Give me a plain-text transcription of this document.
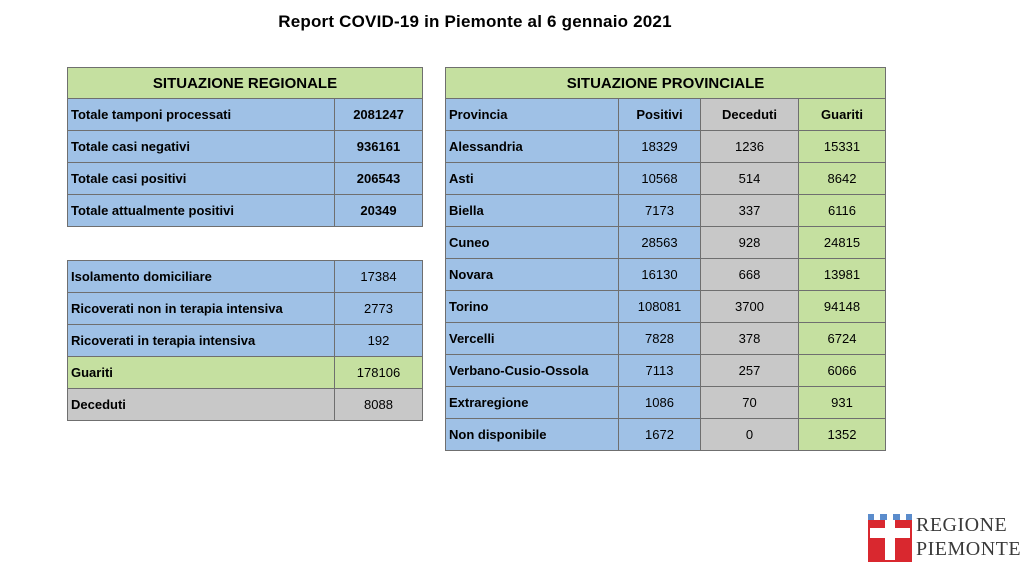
Report COVID-19 in Piemonte al 6 gennaio 2021
SITUAZIONE REGIONALE	
Totale tamponi processati	2081247
Totale casi negativi	936161
Totale casi positivi	206543
Totale attualmente positivi	20349
Isolamento domiciliare	17384
Ricoverati non in terapia intensiva	2773
Ricoverati in terapia intensiva	192
Guariti	178106
Deceduti	8088
SITUAZIONE PROVINCIALE			
Provincia	Positivi	Deceduti	Guariti
Alessandria	18329	1236	15331
Asti	10568	514	8642
Biella	7173	337	6116
Cuneo	28563	928	24815
Novara	16130	668	13981
Torino	108081	3700	94148
Vercelli	7828	378	6724
Verbano-Cusio-Ossola	7113	257	6066
Extraregione	1086	70	931
Non disponibile	1672	0	1352
REGIONE
PIEMONTE
